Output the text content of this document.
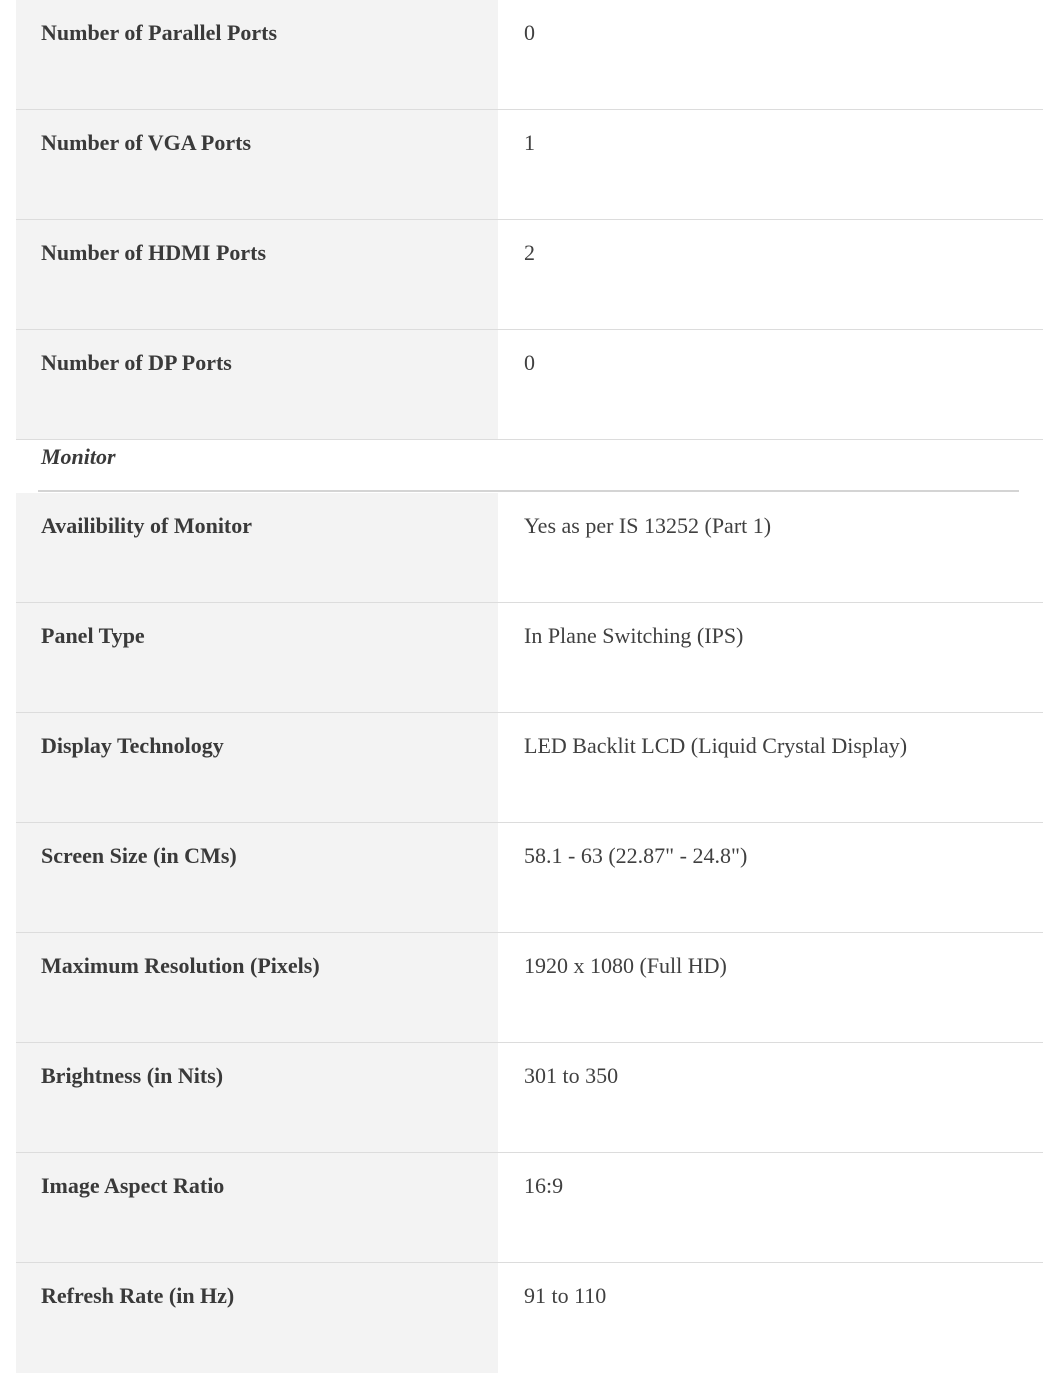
Number of Parallel Ports	0
Number of VGA Ports	1
Number of HDMI Ports	2
Number of DP Ports	0
Monitor
Availibility of Monitor	Yes as per IS 13252 (Part 1)
Panel Type	In Plane Switching (IPS)
Display Technology	LED Backlit LCD (Liquid Crystal Display)
Screen Size (in CMs)	58.1 - 63 (22.87" - 24.8")
Maximum Resolution (Pixels)	1920 x 1080 (Full HD)
Brightness (in Nits)	301 to 350
Image Aspect Ratio	16:9
Refresh Rate (in Hz)	91 to 110
